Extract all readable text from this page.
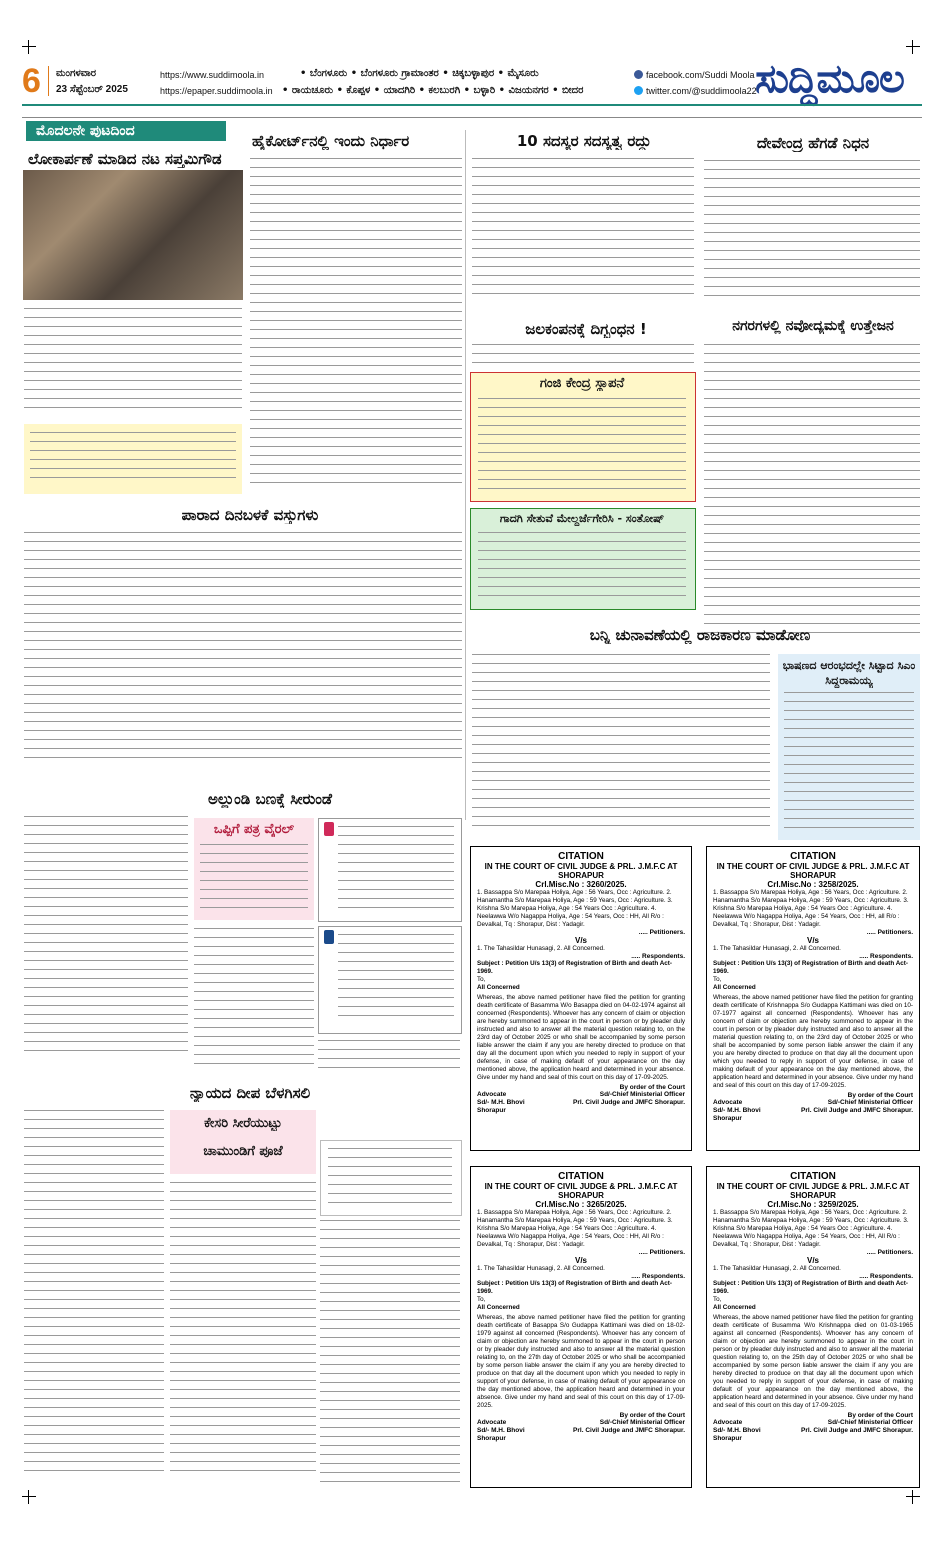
6 ಮಂಗಳವಾರ
23 ಸೆಪ್ಟೆಂಬರ್ 2025
https://www.suddimoola.in
https://epaper.suddimoola.in
• ಬೆಂಗಳೂರು • ಬೆಂಗಳೂರು ಗ್ರಾಮಾಂತರ • ಚಿಕ್ಕಬಳ್ಳಾಪುರ • ಮೈಸೂರು
• ರಾಯಚೂರು • ಕೊಪ್ಪಳ • ಯಾದಗಿರಿ • ಕಲಬುರಗಿ • ಬಳ್ಳಾರಿ • ವಿಜಯನಗರ • ಬೀದರ
facebook.com/Suddi Moola
twitter.com/@suddimoola22
ಸುದ್ದಿಮೂಲ
ಮೊದಲನೇ ಪುಟದಿಂದ
ಲೋಕಾರ್ಪಣೆ ಮಾಡಿದ ನಟ ಸಪ್ತಮಿಗೌಡ
ಹೈಕೋರ್ಟ್‌ನಲ್ಲಿ ಇಂದು ನಿರ್ಧಾರ	10 ಸದಸ್ಯರ ಸದಸ್ಯತ್ವ ರದ್ದು
ಜಲಕಂಪನಕ್ಕೆ ದಿಗ್ಬಂಧನ !
ಗಂಜಿ ಕೇಂದ್ರ ಸ್ಥಾಪನೆ
ಗಾದಗಿ ಸೇತುವೆ ಮೇಲ್ದರ್ಜೆಗೇರಿಸಿ - ಸಂತೋಷ್
ದೇವೇಂದ್ರ ಹೆಗಡೆ ನಿಧನ
ನಗರಗಳಲ್ಲಿ ನವೋದ್ಯಮಕ್ಕೆ ಉತ್ತೇಜನ
ಪಾರಾದ ದಿನಬಳಕೆ ವಸ್ತುಗಳು
ಬನ್ನಿ ಚುನಾವಣೆಯಲ್ಲಿ ರಾಜಕಾರಣ ಮಾಡೋಣ
ಭಾಷಣದ ಆರಂಭದಲ್ಲೇ ಸಿಟ್ಟಾದ ಸಿಎಂ ಸಿದ್ದರಾಮಯ್ಯ
ಅಲ್ಲುಂಡಿ ಬಣಕ್ಕೆ ಸೀರುಂಡೆ
ಒಪ್ಪಿಗೆ ಪತ್ರ ವೈರಲ್
ನ್ಯಾಯದ ದೀಪ ಬೆಳಗಿಸಲಿ
ಕೇಸರಿ ಸೀರೆಯುಟ್ಟು
ಚಾಮುಂಡಿಗೆ ಪೂಜೆ
CITATION
IN THE COURT OF CIVIL JUDGE & PRL. J.M.F.C AT
SHORAPUR
Crl.Misc.No : 3260/2025.
1. Bassappa S/o Marepaa Holiya, Age : 56 Years, Occ : Agriculture. 2. Hanamantha S/o Marepaa Holiya, Age : 59 Years, Occ : Agriculture. 3. Krishna S/o Marepaa Holiya, Age : 54 Years Occ : Agriculture. 4. Neelawwa W/o Nagappa Holiya, Age : 54 Years, Occ : HH, All R/o : Devalkal, Tq : Shorapur, Dist : Yadagir.
..... Petitioners.
V/s
1. The Tahasildar Hunasagi, 2. All Concerned.
..... Respondents.
Subject : Petition U/s 13(3) of Registration of Birth and death Act-1969.
To,
All Concerned
Whereas, the above named petitioner have filed the petition for granting death certificate of Basamma W/o Basappa died on 04-02-1974 against all concerned (Respondents). Whoever has any concern of claim or objection are hereby summoned to appear in the court in person or by pleader duly instructed and also to answer all the material question relating to, on the 23rd day of October 2025 or who shall be accompanied by some person liable answer the claim if any you are hereby directed to produce on that day all the document upon which you needed to reply in support of your defense, in case of making default of your appearance on the day mentioned above, the application heard and determined in your absence. Give under my hand and seal of this court on this day of 17-09-2025.
By order of the Court
Advocate
Sd/- M.H. Bhovi
Shorapur
Sd/-Chief Ministerial Officer
Prl. Civil Judge and JMFC Shorapur.
CITATION
IN THE COURT OF CIVIL JUDGE & PRL. J.M.F.C AT
SHORAPUR
Crl.Misc.No : 3258/2025.
1. Bassappa S/o Marepaa Holiya, Age : 56 Years, Occ : Agriculture. 2. Hanamantha S/o Marepaa Holiya, Age : 59 Years, Occ : Agriculture. 3. Krishna S/o Marepaa Holiya, Age : 54 Years Occ : Agriculture. 4. Neelawwa W/o Nagappa Holiya, Age : 54 Years, Occ : HH, all R/o : Devalkal, Tq : Shorapur, Dist : Yadagir.
..... Petitioners.
V/s
1. The Tahasildar Hunasagi, 2. All Concerned.
..... Respondents.
Subject : Petition U/s 13(3) of Registration of Birth and death Act-1969.
To,
All Concerned
Whereas, the above named petitioner have filed the petition for granting death certificate of Krishnappa S/o Gudappa Kattimani was died on 10-07-1977 against all concerned (Respondents). Whoever has any concern of claim or objection are hereby summoned to appear in the court in person or by pleader duly instructed and also to answer all the material question relating to, on the 23rd day of October 2025 or who shall be accompanied by some person liable answer the claim if any you are hereby directed to produce on that day all the document upon which you needed to reply in support of your defense, in case of making default of your appearance on the day mentioned above, the application heard and determined in your absence. Give under my hand and seal of this court on this day of 17-09-2025.
By order of the Court
Advocate
Sd/- M.H. Bhovi
Shorapur
Sd/-Chief Ministerial Officer
Prl. Civil Judge and JMFC Shorapur.
CITATION
IN THE COURT OF CIVIL JUDGE & PRL. J.M.F.C AT
SHORAPUR
Crl.Misc.No : 3265/2025.
1. Bassappa S/o Marepaa Holiya, Age : 56 Years, Occ : Agriculture. 2. Hanamantha S/o Marepaa Holiya, Age : 59 Years, Occ : Agriculture. 3. Krishna S/o Marepaa Holiya, Age : 54 Years Occ : Agriculture. 4. Neelawwa W/o Nagappa Holiya, Age : 54 Years, Occ : HH, All R/o : Devalkal, Tq : Shorapur, Dist : Yadagir.
..... Petitioners.
V/s
1. The Tahasildar Hunasagi, 2. All Concerned.
..... Respondents.
Subject : Petition U/s 13(3) of Registration of Birth and death Act-1969.
To,
All Concerned
Whereas, the above named petitioner have filed the petition for granting death certificate of Basappa S/o Gudappa Kattimani was died on 18-02-1979 against all concerned (Respondents). Whoever has any concern of claim or objection are hereby summoned to appear in the court in person or by pleader duly instructed and also to answer all the material question relating to, on the 27th day of October 2025 or who shall be accompanied by some person liable answer the claim if any you are hereby directed to produce on that day all the document upon which you needed to reply in support of your defense, in case of making default of your appearance on the day mentioned above, the application heard and determined in your absence. Give under my hand and seal of this court on this day of 17-09-2025.
By order of the Court
Advocate
Sd/- M.H. Bhovi
Shorapur
Sd/-Chief Ministerial Officer
Prl. Civil Judge and JMFC Shorapur.
CITATION
IN THE COURT OF CIVIL JUDGE & PRL. J.M.F.C AT
SHORAPUR
Crl.Misc.No : 3259/2025.
1. Bassappa S/o Marepaa Holiya, Age : 56 Years, Occ : Agriculture. 2. Hanamantha S/o Marepaa Holiya, Age : 59 Years, Occ : Agriculture. 3. Krishna S/o Marepaa Holiya, Age : 54 Years Occ : Agriculture. 4. Neelawwa W/o Nagappa Holiya, Age : 54 Years, Occ : HH, All R/o : Devalkal, Tq : Shorapur, Dist : Yadagir.
..... Petitioners.
V/s
1. The Tahasildar Hunasagi, 2. All Concerned.
..... Respondents.
Subject : Petition U/s 13(3) of Registration of Birth and death Act-1969.
To,
All Concerned
Whereas, the above named petitioner have filed the petition for granting death certificate of Busamma W/o Krishnappa died on 01-03-1965 against all concerned (Respondents). Whoever has any concern of claim or objection are hereby summoned to appear in the court in person or by pleader duly instructed and also to answer all the material question relating to, on the 25th day of October 2025 or who shall be accompanied by some person liable answer the claim if any you are hereby directed to produce on that day all the document upon which you needed to reply in support of your defense, in case of making default of your appearance on the day mentioned above, the application heard and determined in your absence. Give under my hand and seal of this court on this day of 17-09-2025.
By order of the Court
Advocate
Sd/- M.H. Bhovi
Shorapur
Sd/-Chief Ministerial Officer
Prl. Civil Judge and JMFC Shorapur.
